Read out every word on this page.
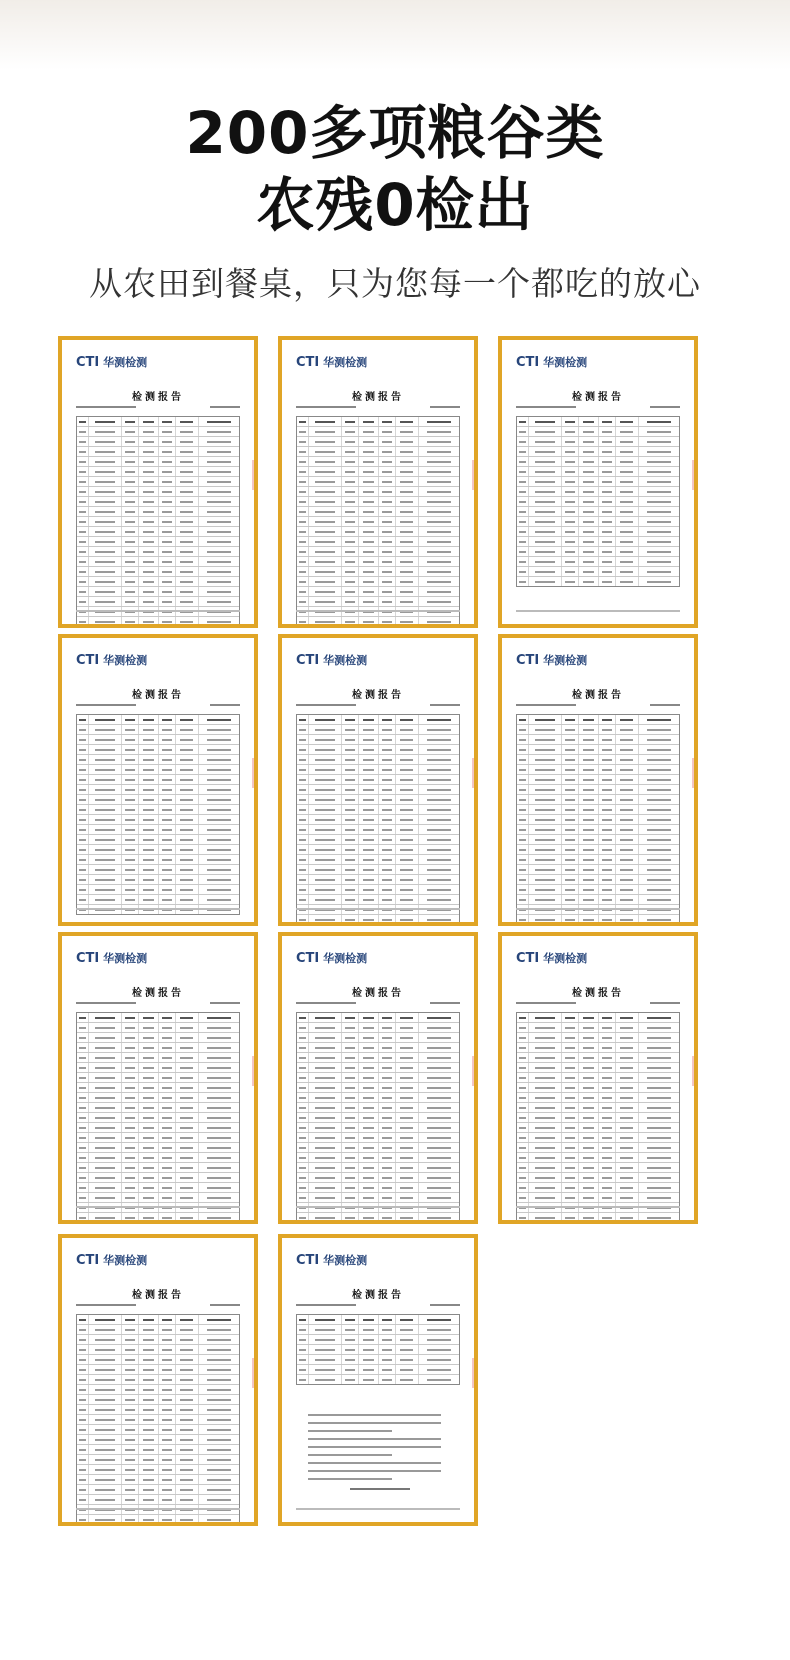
200多项粮谷类
农残0检出
从农田到餐桌，只为您每一个都吃的放心
CTI 华测检测
检测报告
CTI 华测检测
检测报告
CTI 华测检测
检测报告
CTI 华测检测
检测报告
CTI 华测检测
检测报告
CTI 华测检测
检测报告
CTI 华测检测
检测报告
CTI 华测检测
检测报告
CTI 华测检测
检测报告
CTI 华测检测
检测报告
CTI 华测检测
检测报告
